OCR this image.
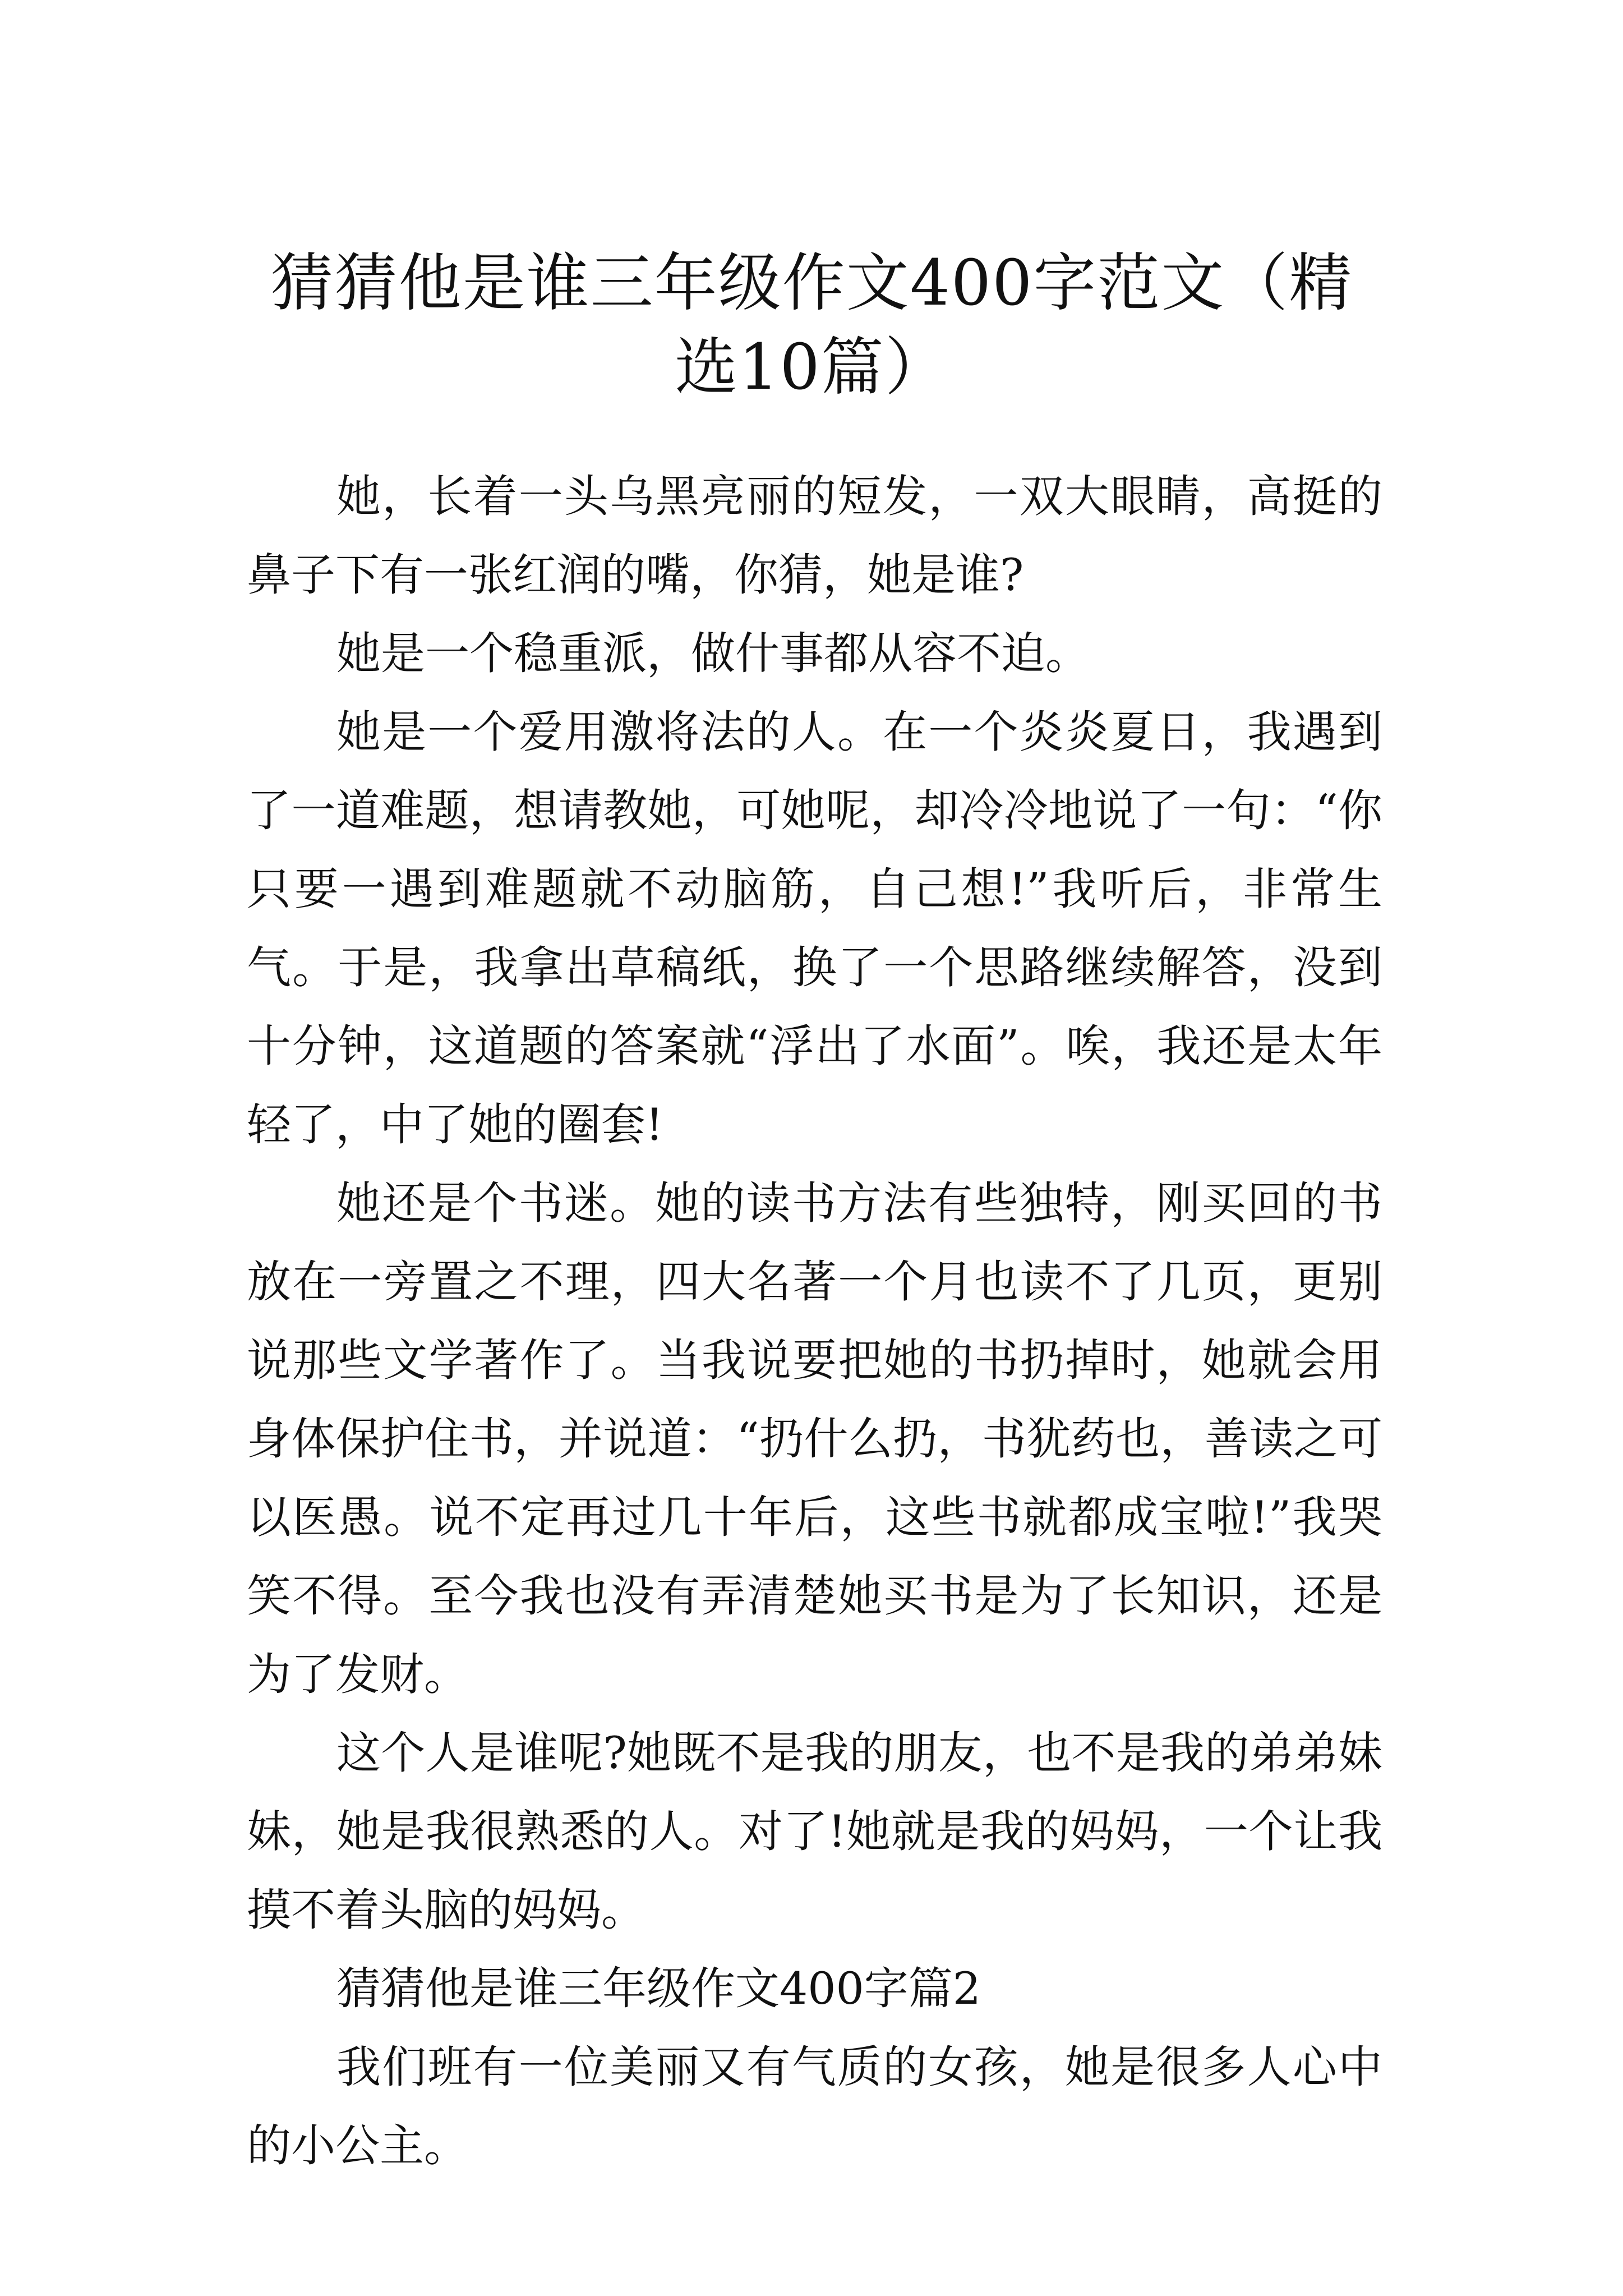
猜猜他是谁三年级作文400字范文（精选10篇）

她，长着一头乌黑亮丽的短发，一双大眼睛，高挺的鼻子下有一张红润的嘴，你猜，她是谁?

她是一个稳重派，做什事都从容不迫。

她是一个爱用激将法的人。在一个炎炎夏日，我遇到了一道难题，想请教她，可她呢，却冷冷地说了一句：“你只要一遇到难题就不动脑筋，自己想!”我听后，非常生气。于是，我拿出草稿纸，换了一个思路继续解答，没到十分钟，这道题的答案就“浮出了水面”。唉，我还是太年轻了，中了她的圈套!

她还是个书迷。她的读书方法有些独特，刚买回的书放在一旁置之不理，四大名著一个月也读不了几页，更别说那些文学著作了。当我说要把她的书扔掉时，她就会用身体保护住书，并说道：“扔什么扔，书犹药也，善读之可以医愚。说不定再过几十年后，这些书就都成宝啦!”我哭笑不得。至今我也没有弄清楚她买书是为了长知识，还是为了发财。

这个人是谁呢?她既不是我的朋友，也不是我的弟弟妹妹，她是我很熟悉的人。对了!她就是我的妈妈，一个让我摸不着头脑的妈妈。

猜猜他是谁三年级作文400字篇2

我们班有一位美丽又有气质的女孩，她是很多人心中的小公主。
